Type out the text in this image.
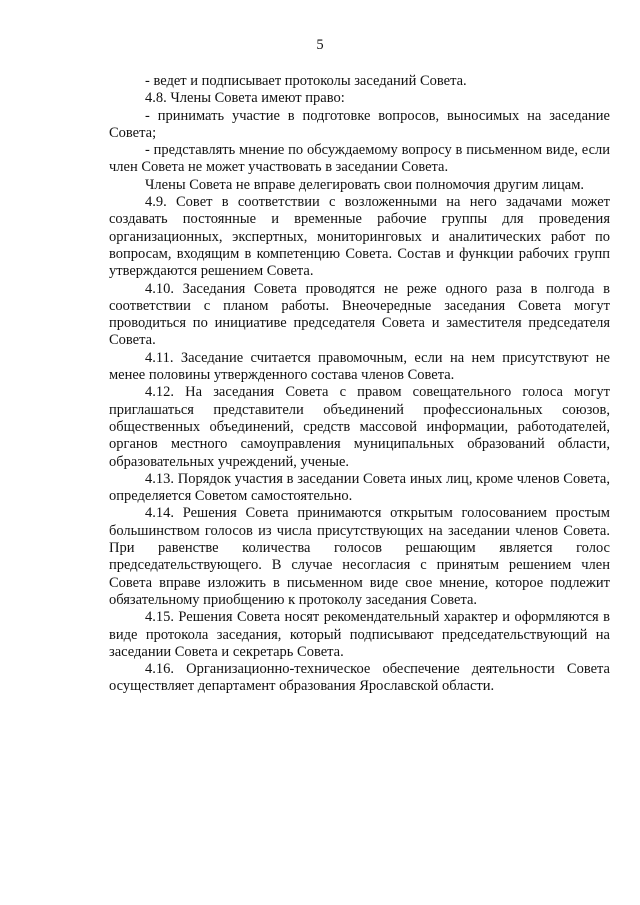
5

- ведет и подписывает протоколы заседаний Совета.

4.8. Члены Совета имеют право:

- принимать участие в подготовке вопросов, выносимых на заседание Совета;

- представлять мнение по обсуждаемому вопросу в письменном виде, если член Совета не может участвовать в заседании Совета.

Члены Совета не вправе делегировать свои полномочия другим лицам.

4.9. Совет в соответствии с возложенными на него задачами может создавать постоянные и временные рабочие группы для проведения организационных, экспертных, мониторинговых и аналитических работ по вопросам, входящим в компетенцию Совета. Состав и функции рабочих групп утверждаются решением Совета.

4.10. Заседания Совета проводятся не реже одного раза в полгода в соответствии с планом работы. Внеочередные заседания Совета могут проводиться по инициативе председателя Совета и заместителя председателя Совета.

4.11. Заседание считается правомочным, если на нем присутствуют не менее половины утвержденного состава членов Совета.

4.12. На заседания Совета с правом совещательного голоса могут приглашаться представители объединений профессиональных союзов, общественных объединений, средств массовой информации, работодателей, органов местного самоуправления муниципальных образований области, образовательных учреждений, ученые.

4.13. Порядок участия в заседании Совета иных лиц, кроме членов Совета, определяется Советом самостоятельно.

4.14. Решения Совета принимаются открытым голосованием простым большинством голосов из числа присутствующих на заседании членов Совета. При равенстве количества голосов решающим является голос председательствующего. В случае несогласия с принятым решением член Совета вправе изложить в письменном виде свое мнение, которое подлежит обязательному приобщению к протоколу заседания Совета.

4.15. Решения Совета носят рекомендательный характер и оформляются в виде протокола заседания, который подписывают председательствующий на заседании Совета и секретарь Совета.

4.16. Организационно-техническое обеспечение деятельности Совета осуществляет департамент образования Ярославской области.
